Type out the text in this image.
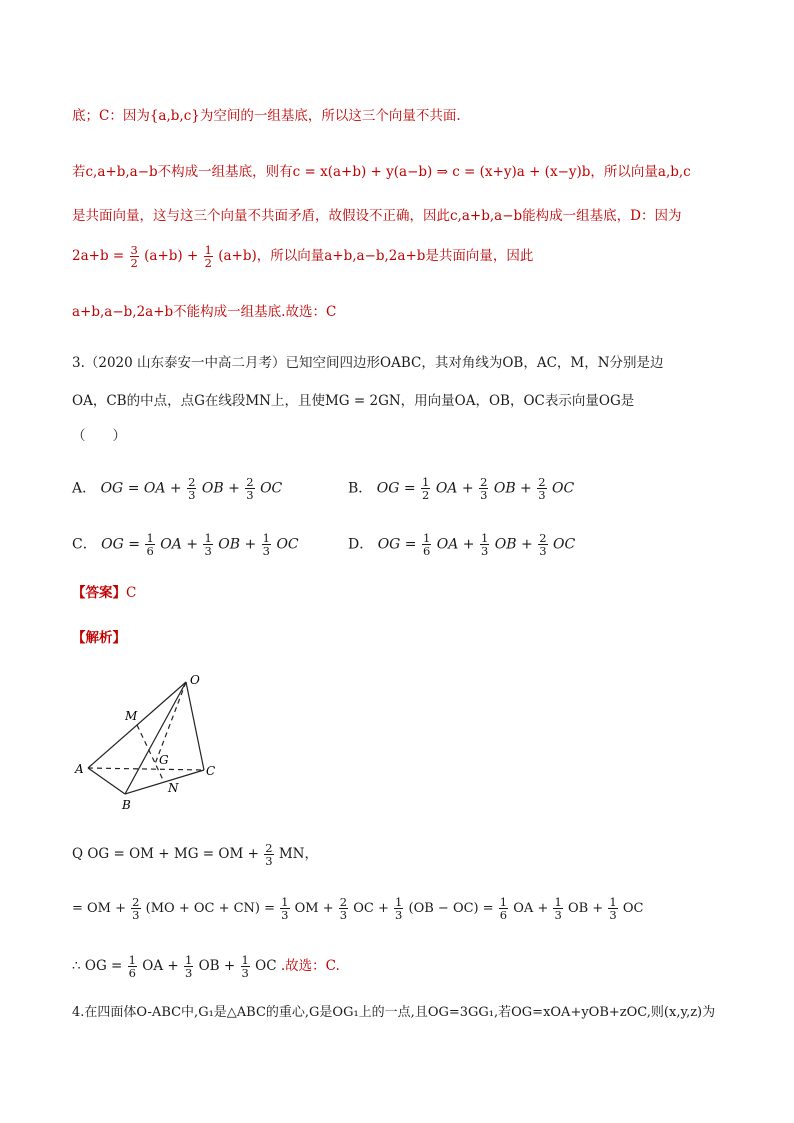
底；C：因为{a,b,c}为空间的一组基底，所以这三个向量不共面.
若c,a+b,a−b不构成一组基底，则有c = x(a+b) + y(a−b) ⇒ c = (x+y)a + (x−y)b，所以向量a,b,c
是共面向量，这与这三个向量不共面矛盾，故假设不正确，因此c,a+b,a−b能构成一组基底，D：因为
$2a+b = \frac{3}{2} (a+b) + \frac{1}{2} (a+b)$，所以向量a+b,a−b,2a+b是共面向量，因此
a+b,a−b,2a+b不能构成一组基底.故选：C
3.（2020 山东泰安一中高二月考）已知空间四边形OABC，其对角线为OB，AC，M，N分别是边
OA，CB的中点，点G在线段MN上，且使MG = 2GN，用向量OA，OB，OC表示向量OG是
（　　）
A． OG = OA + $\frac{2}{3}$ OB + $\frac{2}{3}$ OC	B． OG = $\frac{1}{2}$ OA + $\frac{2}{3}$ OB + $\frac{2}{3}$ OC
C． OG = $\frac{1}{6}$ OA + $\frac{1}{3}$ OB + $\frac{1}{3}$ OC	D． OG = $\frac{1}{6}$ OA + $\frac{1}{3}$ OB + $\frac{2}{3}$ OC
【答案】C
【解析】
O
M
A
G
C
N
B
Q OG = OM + MG = OM + $\frac{2}{3}$ MN，
= OM + $\frac{2}{3} (MO$ + OC + $CN) = \frac{1}{3}$ OM + $\frac{2}{3}$ OC + $\frac{1}{3} (OB - OC) = \frac{1}{6}$ OA + $\frac{1}{3}$ OB + $\frac{1}{3}$ OC
∴ OG = $\frac{1}{6}$ OA + $\frac{1}{3}$ OB + $\frac{1}{3}$ OC .故选：C.
4.在四面体O-ABC中,G₁是△ABC的重心,G是OG₁上的一点,且OG=3GG₁,若OG=xOA+yOB+zOC,则(x,y,z)为
